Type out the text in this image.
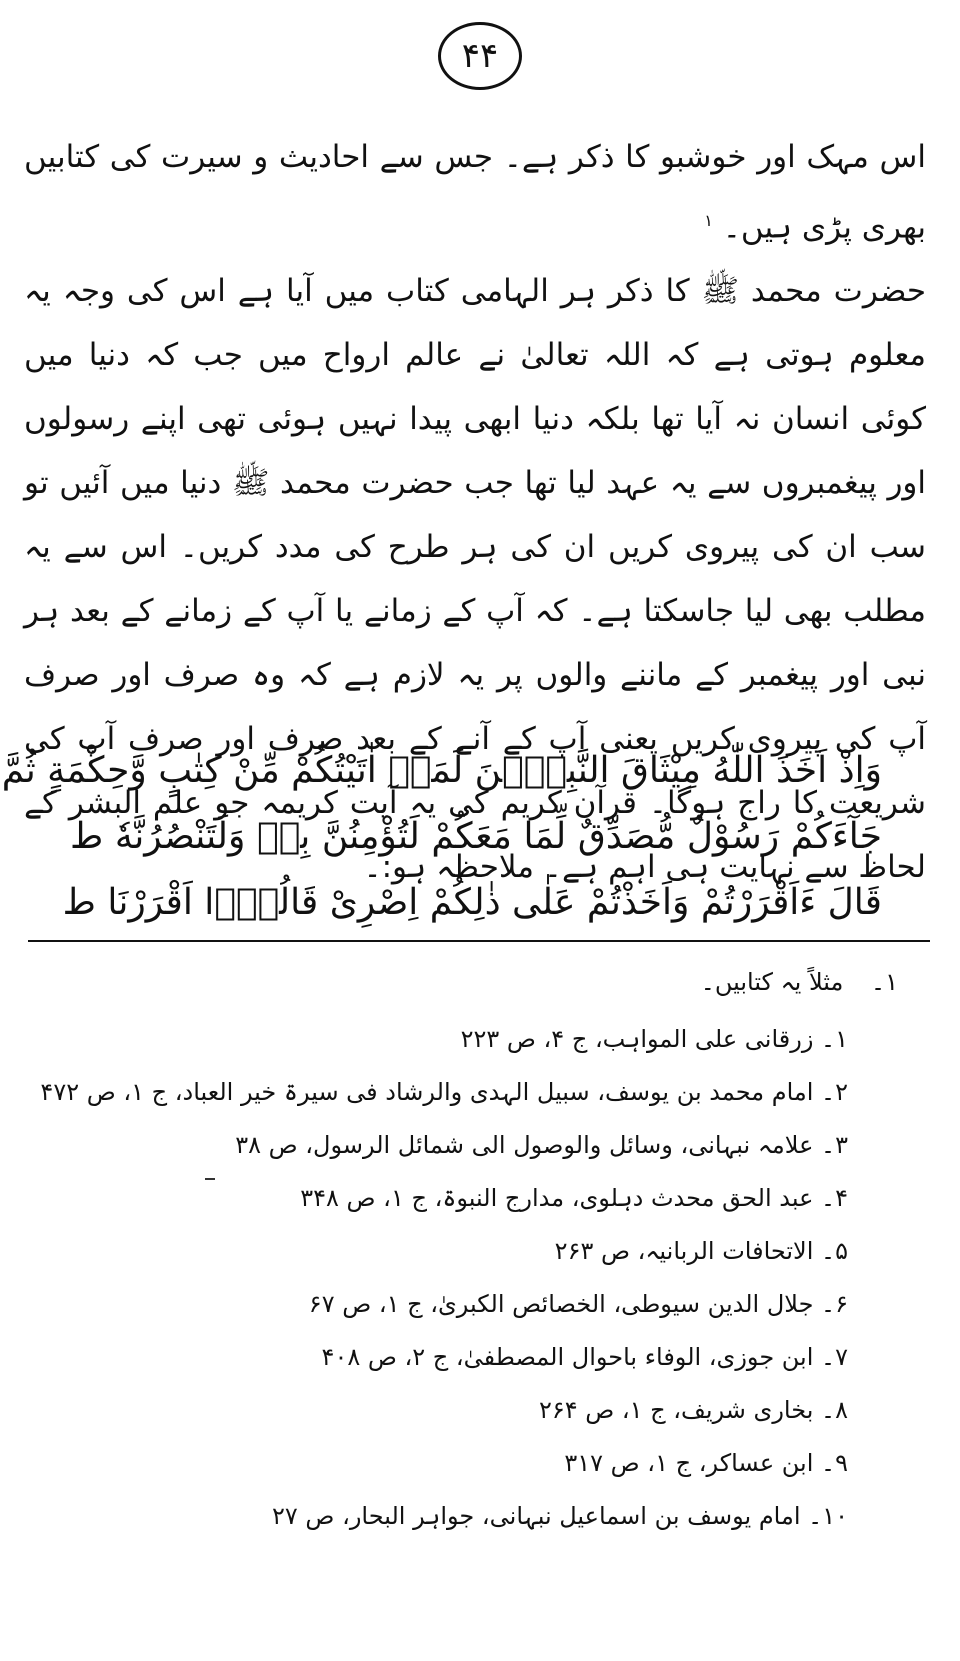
۴۴

اس مہک اور خوشبو کا ذکر ہے۔ جس سے احادیث و سیرت کی کتابیں بھری پڑی ہیں۔ $^۱$

حضرت محمد ﷺ کا ذکر ہر الہامی کتاب میں آیا ہے اس کی وجہ یہ معلوم ہوتی ہے کہ اللہ تعالیٰ نے عالم ارواح میں جب کہ دنیا میں کوئی انسان نہ آیا تھا بلکہ دنیا ابھی پیدا نہیں ہوئی تھی اپنے رسولوں اور پیغمبروں سے یہ عہد لیا تھا جب حضرت محمد ﷺ دنیا میں آئیں تو سب ان کی پیروی کریں ان کی ہر طرح کی مدد کریں۔ اس سے یہ مطلب بھی لیا جاسکتا ہے۔ کہ آپ کے زمانے یا آپ کے زمانے کے بعد ہر نبی اور پیغمبر کے ماننے والوں پر یہ لازم ہے کہ وہ صرف اور صرف آپ کی پیروی کریں یعنی آپ کے آنے کے بعد صرف اور صرف آپ کی شریعت کا راج ہوگا۔ قرآن کریم کی یہ آیت کریمہ جو علم البشر کے لحاظ سے نہایت ہی اہم ہے۔ ملاحظہ ہو:۔

وَاِذْ اَخَذَ اللّٰهُ مِيْثَاقَ النَّبِيّٖنَ لَمَاۤ اٰتَيْتُكُمْ مِّنْ كِتٰبٍ وَّحِكْمَةٍ ثُمَّ

جَآءَكُمْ رَسُوْلٌ مُّصَدِّقٌ لِّمَا مَعَكُمْ لَتُؤْمِنُنَّ بِهٖ وَلَتَنْصُرُنَّهٗ ط

قَالَ ءَاَقْرَرْتُمْ وَاَخَذْتُمْ عَلٰى ذٰلِكُمْ اِصْرِىْ قَالُوْۤا اَقْرَرْنَا ط

۱۔ مثلاً یہ کتابیں۔

۱۔ زرقانی علی المواہب، ج ۴، ص ۲۲۳
۲۔ امام محمد بن یوسف، سبیل الہدی والرشاد فی سیرۃ خیر العباد، ج ۱، ص ۴۷۲
۳۔ علامہ نبہانی، وسائل والوصول الی شمائل الرسول، ص ۳۸
۴۔ عبد الحق محدث دہلوی، مدارج النبوۃ، ج ۱، ص ۳۴۸
۵۔ الاتحافات الربانیہ، ص ۲۶۳
۶۔ جلال الدین سیوطی، الخصائص الکبریٰ، ج ۱، ص ۶۷
۷۔ ابن جوزی، الوفاء باحوال المصطفیٰ، ج ۲، ص ۴۰۸
۸۔ بخاری شریف، ج ۱، ص ۲۶۴
۹۔ ابن عساکر، ج ۱، ص ۳۱۷
۱۰۔ امام یوسف بن اسماعیل نبہانی، جواہر البحار، ص ۲۷
